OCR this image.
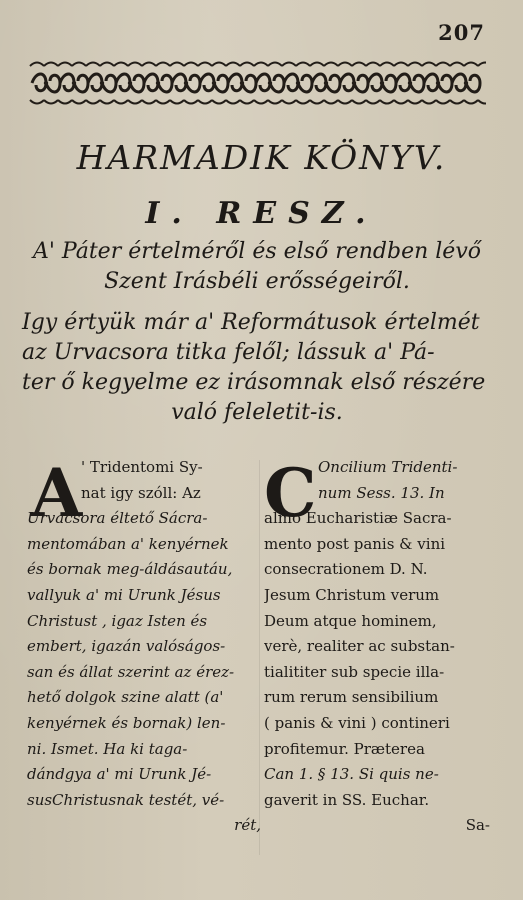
207
HARMADIK KÖNYV.
I. RESZ.
A' Páter értelméről és első rendben lévő
Szent Irásbéli erősségeiről.
Igy értyük már a' Reformátusok értelmét
az Urvacsora titka felől; lássuk a' Pá-
ter ő kegyelme ez irásomnak első részére
való feleletit-is.
A
' Tridentomi Sy-
nat igy szóll: Az
Urvacsora éltető Sácra-
mentomában a' kenyérnek
és bornak meg-áldásautáu,
vallyuk a' mi Urunk Jésus
Christust , igaz Isten és
embert, igazán valóságos-
san és állat szerint az érez-
hető dolgok szine alatt (a'
kenyérnek és bornak) len-
ni. Ismet. Ha ki taga-
dándgya a' mi Urunk Jé-
susChristusnak testét, vé-
rét,
C Oncilium Tridenti-
num Sess. 13. In
almo Eucharistiæ Sacra-
mento post panis & vini
consecrationem D. N.
Jesum Christum verum
Deum atque hominem,
verè, realiter ac substan-
tialititer sub specie illa-
rum rerum sensibilium
( panis & vini ) contineri
profitemur. Præterea
Can 1. § 13. Si quis ne-
gaverit in SS. Euchar.
Sa-
